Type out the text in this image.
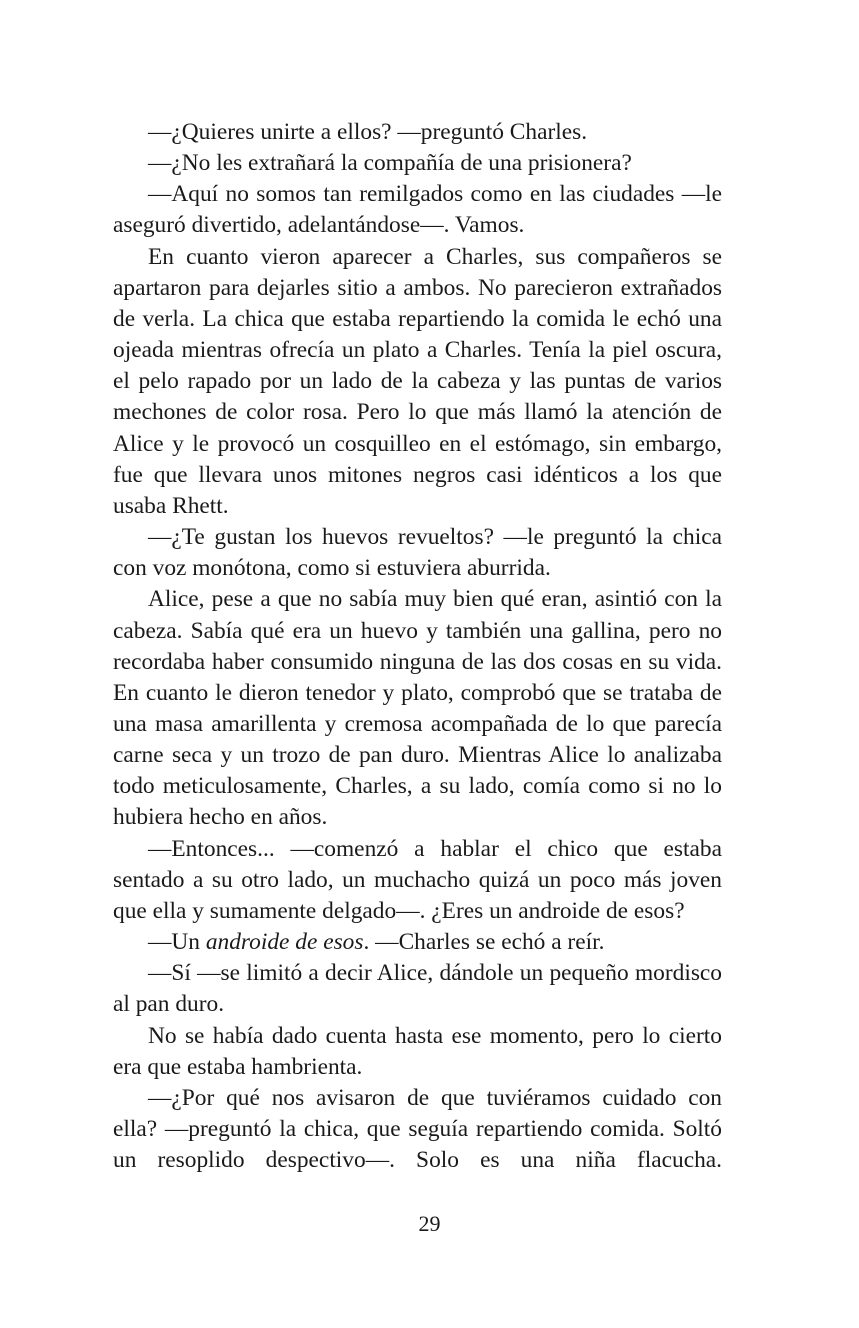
—¿Quieres unirte a ellos? —preguntó Charles.

—¿No les extrañará la compañía de una prisionera?

—Aquí no somos tan remilgados como en las ciudades —le aseguró divertido, adelantándose—. Vamos.

En cuanto vieron aparecer a Charles, sus compañeros se apartaron para dejarles sitio a ambos. No parecieron extrañados de verla. La chica que estaba repartiendo la comida le echó una ojeada mientras ofrecía un plato a Charles. Tenía la piel oscura, el pelo rapado por un lado de la cabeza y las puntas de varios mechones de color rosa. Pero lo que más llamó la atención de Alice y le provocó un cosquilleo en el estómago, sin embargo, fue que llevara unos mitones negros casi idénticos a los que usaba Rhett.

—¿Te gustan los huevos revueltos? —le preguntó la chica con voz monótona, como si estuviera aburrida.

Alice, pese a que no sabía muy bien qué eran, asintió con la cabeza. Sabía qué era un huevo y también una gallina, pero no recordaba haber consumido ninguna de las dos cosas en su vida. En cuanto le dieron tenedor y plato, comprobó que se trataba de una masa amarillenta y cremosa acompañada de lo que parecía carne seca y un trozo de pan duro. Mientras Alice lo analizaba todo meticulosamente, Charles, a su lado, comía como si no lo hubiera hecho en años.

—Entonces... —comenzó a hablar el chico que estaba sentado a su otro lado, un muchacho quizá un poco más joven que ella y sumamente delgado—. ¿Eres un androide de esos?

—Un androide de esos. —Charles se echó a reír.

—Sí —se limitó a decir Alice, dándole un pequeño mordisco al pan duro.

No se había dado cuenta hasta ese momento, pero lo cierto era que estaba hambrienta.

—¿Por qué nos avisaron de que tuviéramos cuidado con ella? —preguntó la chica, que seguía repartiendo comida. Soltó un resoplido despectivo—. Solo es una niña flacucha.

29
